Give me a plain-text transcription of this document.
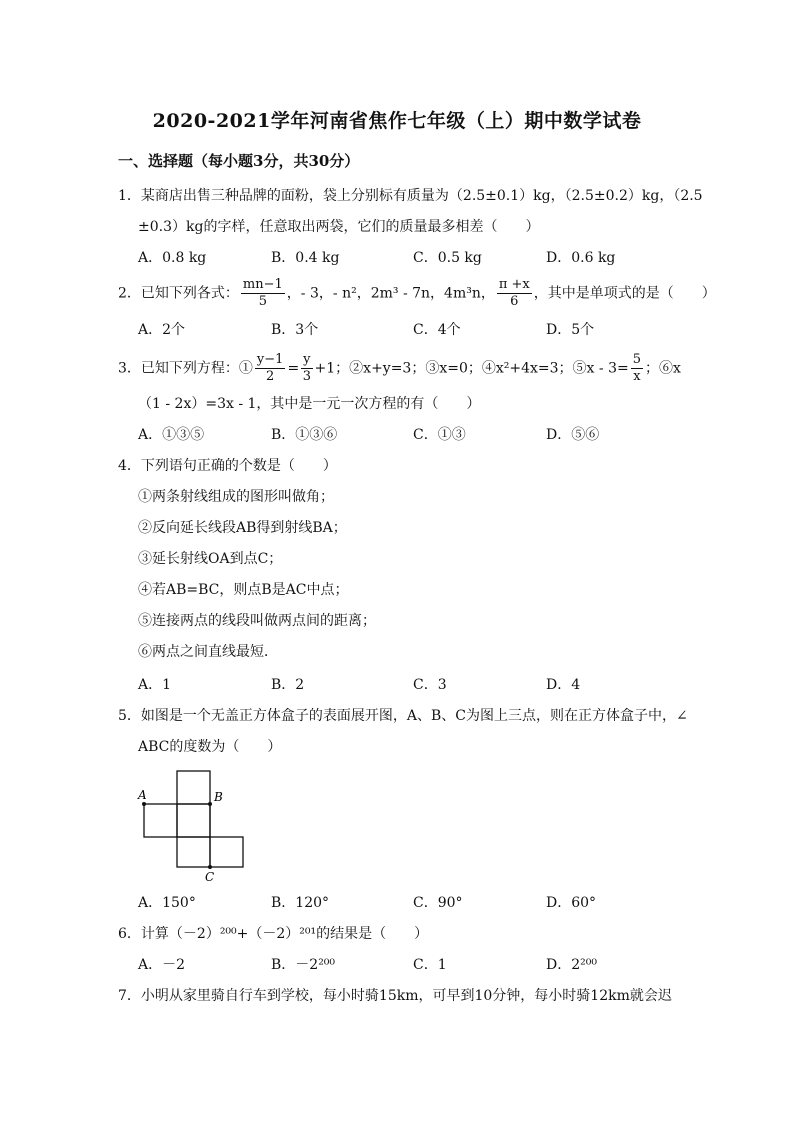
2020-2021学年河南省焦作七年级（上）期中数学试卷
一、选择题（每小题3分，共30分）
1．某商店出售三种品牌的面粉，袋上分别标有质量为（2.5±0.1）kg，（2.5±0.2）kg，（2.5
±0.3）kg的字样，任意取出两袋，它们的质量最多相差（　　）
A．0.8 kg	B．0.4 kg	C．0.5 kg	D．0.6 kg
2．已知下列各式： $\frac{mn-1}{5}$ ，- 3，- n²，2m³ - 7n，4m³n， $\frac{\pi +x}{6}$ ，其中是单项式的是（　　）
A．2个	B．3个	C．4个	D．5个
3．已知下列方程：① $\frac{y-1}{2} = \frac{y}{3} +1$；②x+y=3；③x=0；④x²+4x=3；⑤x - $3= \frac{5}{x}$ ；⑥x
（1 - 2x）=3x - 1，其中是一元一次方程的有（　　）
A．①③⑤	B．①③⑥	C．①③	D．⑤⑥
4．下列语句正确的个数是（　　）
①两条射线组成的图形叫做角；
②反向延长线段AB得到射线BA；
③延长射线OA到点C；
④若AB=BC，则点B是AC中点；
⑤连接两点的线段叫做两点间的距离；
⑥两点之间直线最短．
A．1	B．2	C．3	D．4
5．如图是一个无盖正方体盒子的表面展开图，A、B、C为图上三点，则在正方体盒子中，∠
ABC的度数为（　　）
A	B
C
A．150°	B．120°	C．90°	D．60°
6．计算（－2）²⁰⁰+（－2）²⁰¹的结果是（　　）
A．－2	B．－2²⁰⁰	C．1	D．2²⁰⁰
7．小明从家里骑自行车到学校，每小时骑15km，可早到10分钟，每小时骑12km就会迟
